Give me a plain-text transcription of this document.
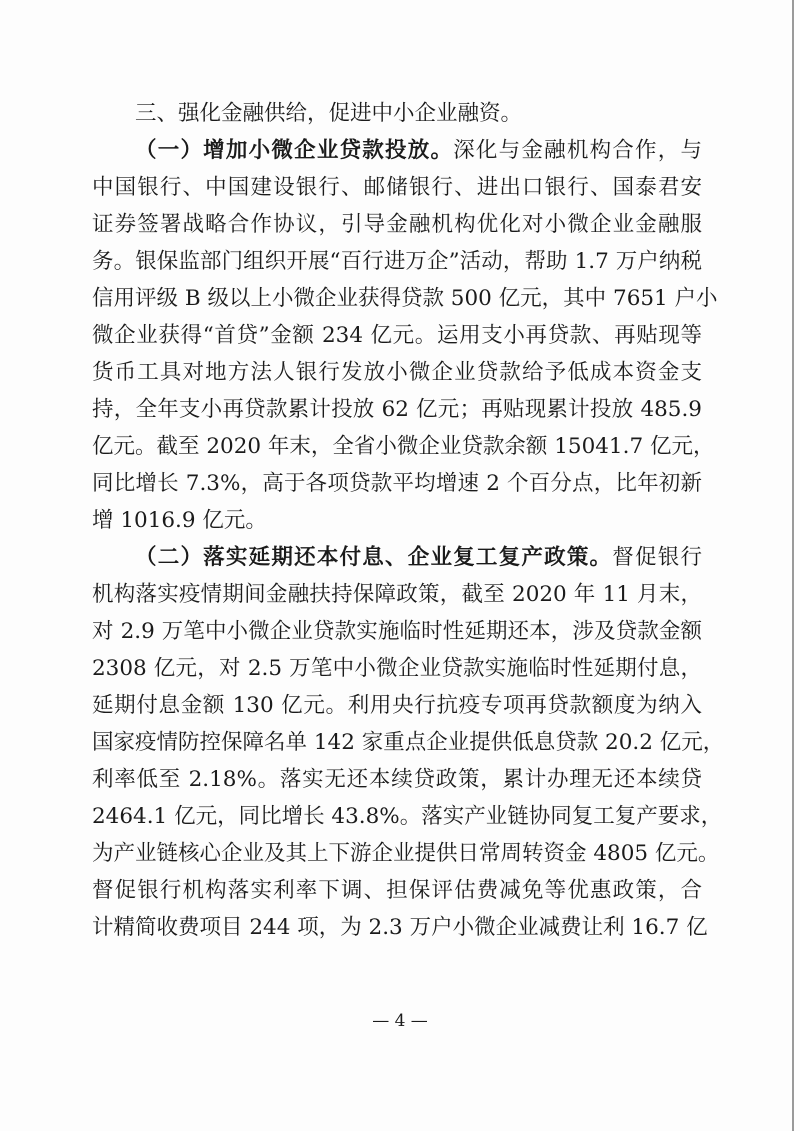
三、强化金融供给，促进中小企业融资。
（一）增加小微企业贷款投放。深化与金融机构合作，与
中国银行、中国建设银行、邮储银行、进出口银行、国泰君安
证券签署战略合作协议，引导金融机构优化对小微企业金融服
务。银保监部门组织开展“百行进万企”活动，帮助 1.7 万户纳税
信用评级 B 级以上小微企业获得贷款 500 亿元，其中 7651 户小
微企业获得“首贷”金额 234 亿元。运用支小再贷款、再贴现等
货币工具对地方法人银行发放小微企业贷款给予低成本资金支
持，全年支小再贷款累计投放 62 亿元；再贴现累计投放 485.9
亿元。截至 2020 年末，全省小微企业贷款余额 15041.7 亿元，
同比增长 7.3%，高于各项贷款平均增速 2 个百分点，比年初新
增 1016.9 亿元。
（二）落实延期还本付息、企业复工复产政策。督促银行
机构落实疫情期间金融扶持保障政策，截至 2020 年 11 月末，
对 2.9 万笔中小微企业贷款实施临时性延期还本，涉及贷款金额
2308 亿元，对 2.5 万笔中小微企业贷款实施临时性延期付息，
延期付息金额 130 亿元。利用央行抗疫专项再贷款额度为纳入
国家疫情防控保障名单 142 家重点企业提供低息贷款 20.2 亿元，
利率低至 2.18%。落实无还本续贷政策，累计办理无还本续贷
2464.1 亿元，同比增长 43.8%。落实产业链协同复工复产要求，
为产业链核心企业及其上下游企业提供日常周转资金 4805 亿元。
督促银行机构落实利率下调、担保评估费减免等优惠政策，合
计精简收费项目 244 项，为 2.3 万户小微企业减费让利 16.7 亿
— 4 —
